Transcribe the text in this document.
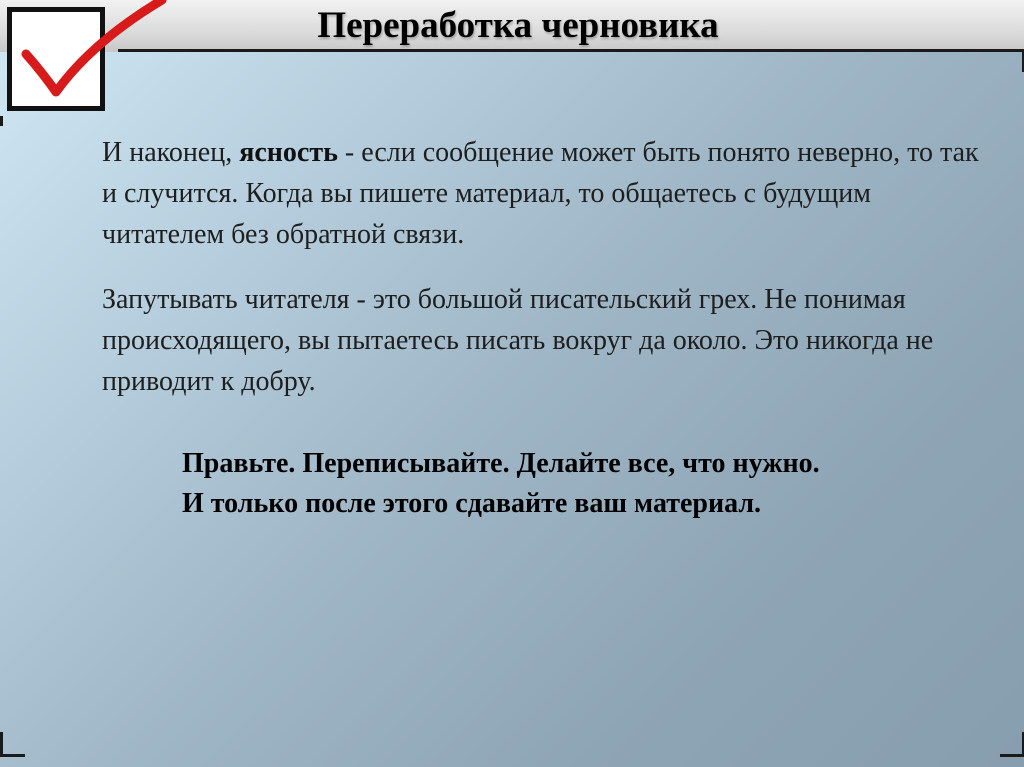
Переработка черновика

И наконец, ясность - если сообщение может быть понято неверно, то так и случится. Когда вы пишете материал, то общаетесь с будущим читателем без обратной связи.

Запутывать читателя - это большой писательский грех. Не понимая происходящего, вы пытаетесь писать вокруг да около. Это никогда не приводит к добру.

Правьте. Переписывайте. Делайте все, что нужно.

И только после этого сдавайте ваш материал.
